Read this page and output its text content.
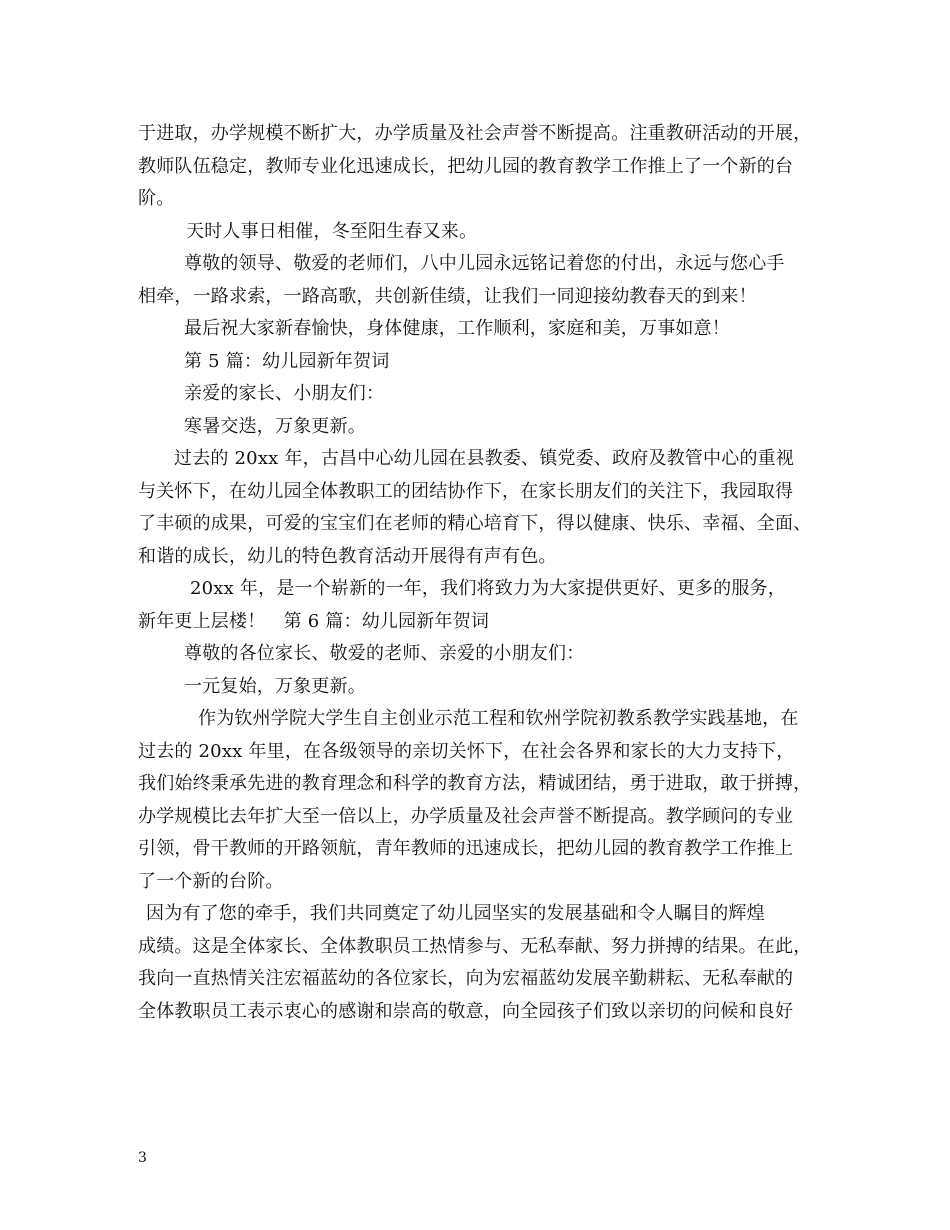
于进取，办学规模不断扩大，办学质量及社会声誉不断提高。注重教研活动的开展，
教师队伍稳定，教师专业化迅速成长，把幼儿园的教育教学工作推上了一个新的台
阶。
天时人事日相催，冬至阳生春又来。
尊敬的领导、敬爱的老师们，八中儿园永远铭记着您的付出，永远与您心手
相牵，一路求索，一路高歌，共创新佳绩，让我们一同迎接幼教春天的到来！
最后祝大家新春愉快，身体健康，工作顺利，家庭和美，万事如意！
第 5 篇：幼儿园新年贺词
亲爱的家长、小朋友们：
寒暑交迭，万象更新。
过去的 20xx 年，古昌中心幼儿园在县教委、镇党委、政府及教管中心的重视
与关怀下，在幼儿园全体教职工的团结协作下，在家长朋友们的关注下，我园取得
了丰硕的成果，可爱的宝宝们在老师的精心培育下，得以健康、快乐、幸福、全面、
和谐的成长，幼儿的特色教育活动开展得有声有色。
20xx 年，是一个崭新的一年，我们将致力为大家提供更好、更多的服务，
新年更上层楼！　第 6 篇：幼儿园新年贺词
尊敬的各位家长、敬爱的老师、亲爱的小朋友们：
一元复始，万象更新。
作为钦州学院大学生自主创业示范工程和钦州学院初教系教学实践基地，在
过去的 20xx 年里，在各级领导的亲切关怀下，在社会各界和家长的大力支持下，
我们始终秉承先进的教育理念和科学的教育方法，精诚团结，勇于进取，敢于拼搏，
办学规模比去年扩大至一倍以上，办学质量及社会声誉不断提高。教学顾问的专业
引领，骨干教师的开路领航，青年教师的迅速成长，把幼儿园的教育教学工作推上
了一个新的台阶。
因为有了您的牵手，我们共同奠定了幼儿园坚实的发展基础和令人瞩目的辉煌
成绩。这是全体家长、全体教职员工热情参与、无私奉献、努力拼搏的结果。在此，
我向一直热情关注宏福蓝幼的各位家长，向为宏福蓝幼发展辛勤耕耘、无私奉献的
全体教职员工表示衷心的感谢和崇高的敬意，向全园孩子们致以亲切的问候和良好
3
